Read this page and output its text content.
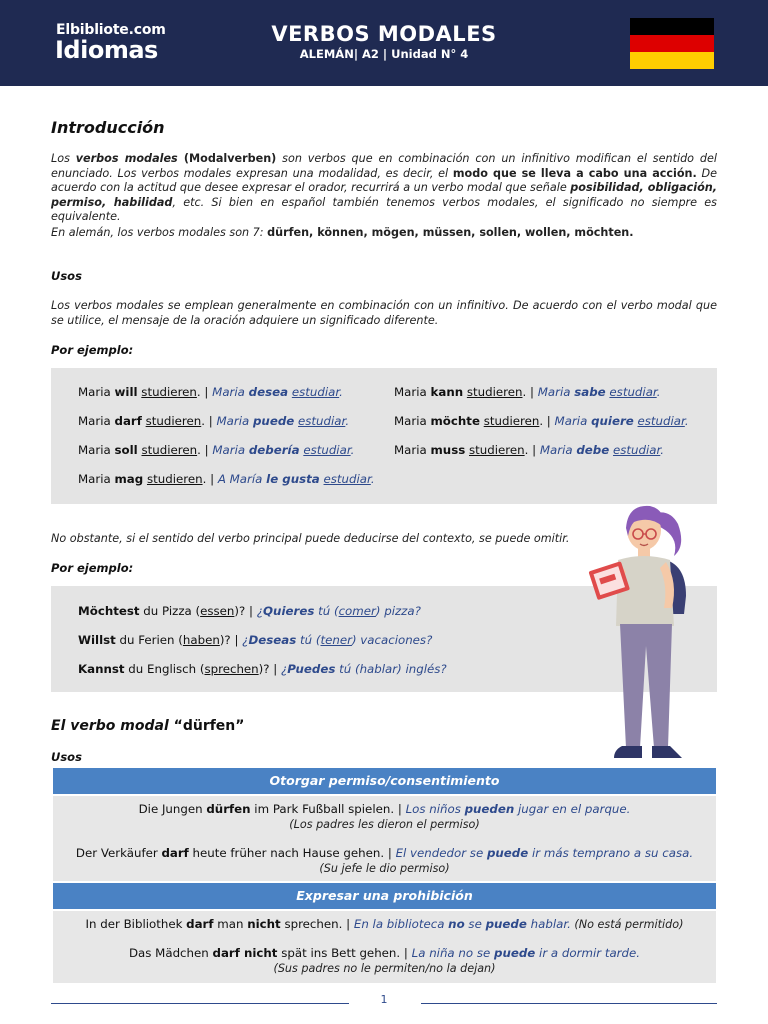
Elbibliote.com
Idiomas
VERBOS MODALES
ALEMÁN| A2 | Unidad N° 4
Introducción
Los verbos modales (Modalverben) son verbos que en combinación con un infinitivo modifican el sentido del enunciado. Los verbos modales expresan una modalidad, es decir, el modo que se lleva a cabo una acción. De acuerdo con la actitud que desee expresar el orador, recurrirá a un verbo modal que señale posibilidad, obligación, permiso, habilidad, etc. Si bien en español también tenemos verbos modales, el significado no siempre es equivalente.
En alemán, los verbos modales son 7: dürfen, können, mögen, müssen, sollen, wollen, möchten.
Usos
Los verbos modales se emplean generalmente en combinación con un infinitivo. De acuerdo con el verbo modal que se utilice, el mensaje de la oración adquiere un significado diferente.
Por ejemplo:
Maria will studieren. | Maria desea estudiar.	Maria kann studieren. | Maria sabe estudiar.
Maria darf studieren. | Maria puede estudiar.	Maria möchte studieren. | Maria quiere estudiar.
Maria soll studieren. | Maria debería estudiar.	Maria muss studieren. | Maria debe estudiar.
Maria mag studieren. | A María le gusta estudiar.
No obstante, si el sentido del verbo principal puede deducirse del contexto, se puede omitir.
Por ejemplo:
Möchtest du Pizza (essen)? | ¿Quieres tú (comer) pizza?
Willst du Ferien (haben)? | ¿Deseas tú (tener) vacaciones?
Kannst du Englisch (sprechen)? | ¿Puedes tú (hablar) inglés?
El verbo modal “dürfen”
Usos
Otorgar permiso/consentimiento
Die Jungen dürfen im Park Fußball spielen. | Los niños pueden jugar en el parque.
(Los padres les dieron el permiso)
Der Verkäufer darf heute früher nach Hause gehen. | El vendedor se puede ir más temprano a su casa.
(Su jefe le dio permiso)
Expresar una prohibición
In der Bibliothek darf man nicht sprechen. | En la biblioteca no se puede hablar. (No está permitido)
Das Mädchen darf nicht spät ins Bett gehen. | La niña no se puede ir a dormir tarde.
(Sus padres no le permiten/no la dejan)
1
